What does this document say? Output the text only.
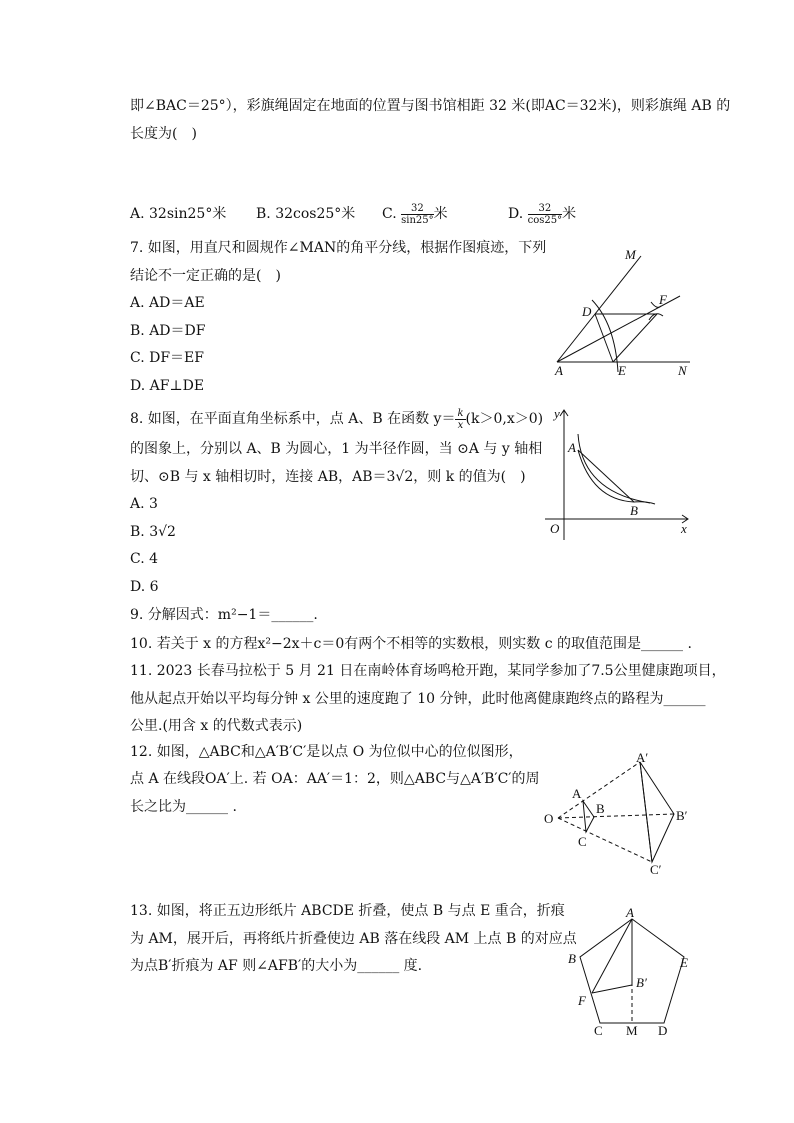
即∠BAC＝25°），彩旗绳固定在地面的位置与图书馆相距 32 米(即AC＝32米)，则彩旗绳 AB 的
长度为(　)
A. 32sin25°米 B. 32cos25°米 C. $\frac{32}{\sin 25^\circ}$ 米	D. $\frac{32}{\cos 25^\circ}$ 米
7. 如图，用直尺和圆规作∠MAN的角平分线，根据作图痕迹，下列
结论不一定正确的是(　)
A. AD＝AE
B. AD＝DF
C. DF＝EF
D. AF⊥DE
M
D
F
A	E	N
8. 如图，在平面直角坐标系中，点 A、B 在函数 $y= \frac{k}{x} (k>0,x>0)$
的图象上，分别以 A、B 为圆心，1 为半径作圆，当 ⊙A 与 y 轴相
切、⊙B 与 x 轴相切时，连接 AB，AB＝3√2，则 k 的值为(　)
A. 3
B. 3√2
C. 4
D. 6
y
A
B
O	x
9. 分解因式：m²−1＝______.
10. 若关于 x 的方程x²−2x＋c＝0有两个不相等的实数根，则实数 c 的取值范围是______ .
11. 2023 长春马拉松于 5 月 21 日在南岭体育场鸣枪开跑，某同学参加了7.5公里健康跑项目，
他从起点开始以平均每分钟 x 公里的速度跑了 10 分钟，此时他离健康跑终点的路程为______
公里.(用含 x 的代数式表示)
12. 如图，△ABC和△A′B′C′是以点 O 为位似中心的位似图形，
点 A 在线段OA′上. 若 OA：AA′＝1：2，则△ABC与△A′B′C′的周
长之比为______ .
A′
A
B
O	B′
C
C′
13. 如图，将正五边形纸片 ABCDE 折叠，使点 B 与点 E 重合，折痕
为 AM，展开后，再将纸片折叠使边 AB 落在线段 AM 上点 B 的对应点
为点B′折痕为 AF 则∠AFB′的大小为______ 度.
A
B	E
B′
F
C M D
